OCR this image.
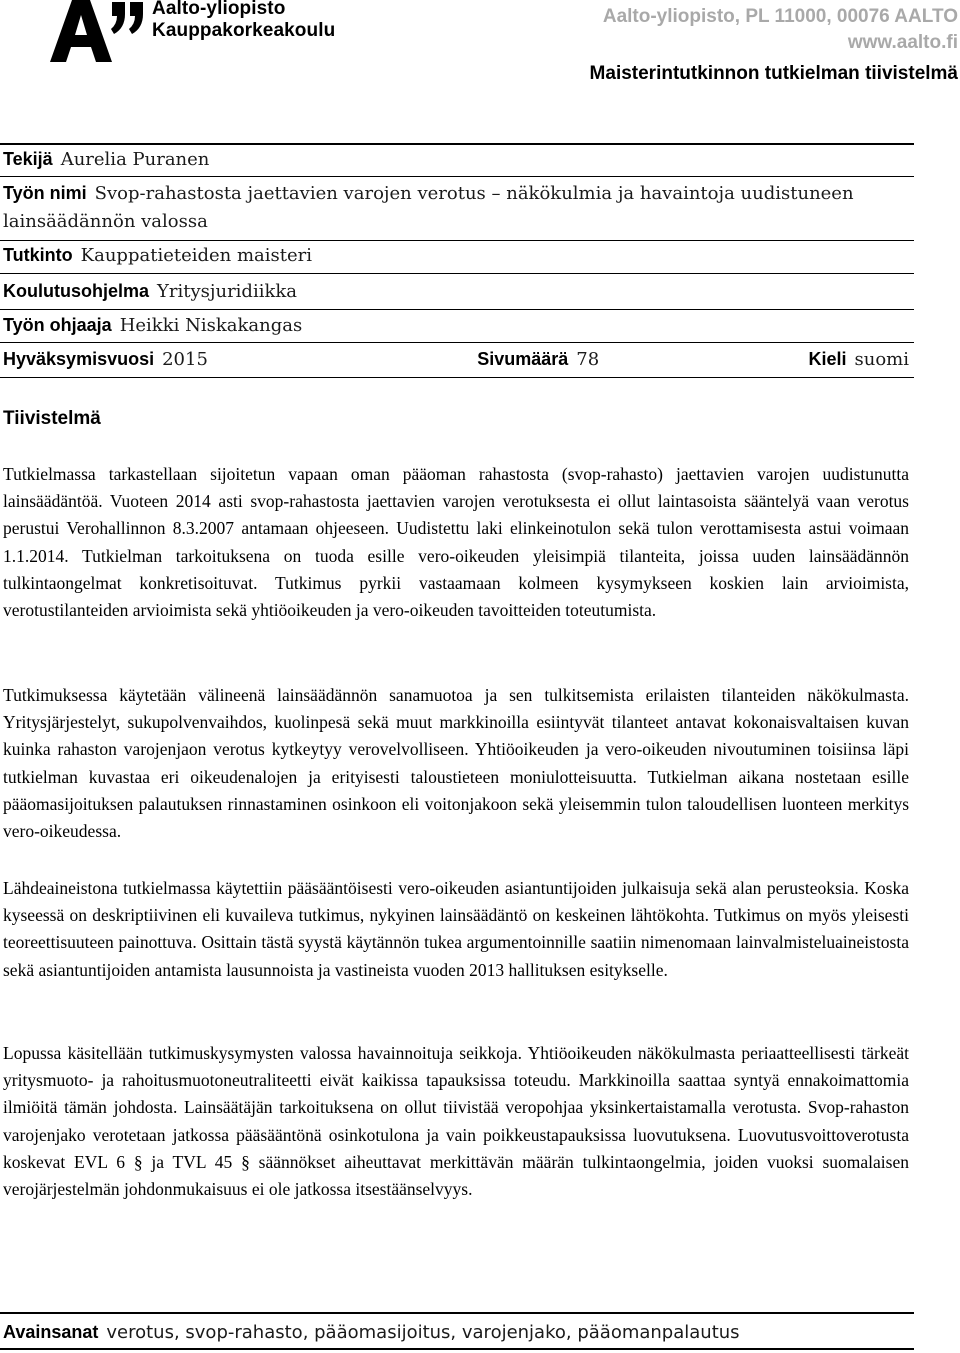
Aalto-yliopisto
Kauppakorkeakoulu
Aalto-yliopisto, PL 11000, 00076 AALTO
www.aalto.fi
Maisterintutkinnon tutkielman tiivistelmä
Tekijä Aurelia Puranen
Työn nimi Svop-rahastosta jaettavien varojen verotus – näkökulmia ja havaintoja uudistuneen lainsäädännön valossa
Tutkinto Kauppatieteiden maisteri
Koulutusohjelma Yritysjuridiikka
Työn ohjaaja Heikki Niskakangas
Hyväksymisvuosi 2015	Sivumäärä 78	Kieli suomi
Tiivistelmä

Tutkielmassa tarkastellaan sijoitetun vapaan oman pääoman rahastosta (svop-rahasto) jaettavien varojen uudistunutta lainsäädäntöä. Vuoteen 2014 asti svop-rahastosta jaettavien varojen verotuksesta ei ollut laintasoista sääntelyä vaan verotus perustui Verohallinnon 8.3.2007 antamaan ohjeeseen. Uudistettu laki elinkeinotulon sekä tulon verottamisesta astui voimaan 1.1.2014. Tutkielman tarkoituksena on tuoda esille vero-oikeuden yleisimpiä tilanteita, joissa uuden lainsäädännön tulkintaongelmat konkretisoituvat. Tutkimus pyrkii vastaamaan kolmeen kysymykseen koskien lain arvioimista, verotustilanteiden arvioimista sekä yhtiöoikeuden ja vero-oikeuden tavoitteiden toteutumista.

Tutkimuksessa käytetään välineenä lainsäädännön sanamuotoa ja sen tulkitsemista erilaisten tilanteiden näkökulmasta. Yritysjärjestelyt, sukupolvenvaihdos, kuolinpesä sekä muut markkinoilla esiintyvät tilanteet antavat kokonaisvaltaisen kuvan kuinka rahaston varojenjaon verotus kytkeytyy verovelvolliseen. Yhtiöoikeuden ja vero-oikeuden nivoutuminen toisiinsa läpi tutkielman kuvastaa eri oikeudenalojen ja erityisesti taloustieteen moniulotteisuutta. Tutkielman aikana nostetaan esille pääomasijoituksen palautuksen rinnastaminen osinkoon eli voitonjakoon sekä yleisemmin tulon taloudellisen luonteen merkitys vero-oikeudessa.

Lähdeaineistona tutkielmassa käytettiin pääsääntöisesti vero-oikeuden asiantuntijoiden julkaisuja sekä alan perusteoksia. Koska kyseessä on deskriptiivinen eli kuvaileva tutkimus, nykyinen lainsäädäntö on keskeinen lähtökohta. Tutkimus on myös yleisesti teoreettisuuteen painottuva. Osittain tästä syystä käytännön tukea argumentoinnille saatiin nimenomaan lainvalmisteluaineistosta sekä asiantuntijoiden antamista lausunnoista ja vastineista vuoden 2013 hallituksen esitykselle.

Lopussa käsitellään tutkimuskysymysten valossa havainnoituja seikkoja. Yhtiöoikeuden näkökulmasta periaatteellisesti tärkeät yritysmuoto- ja rahoitusmuotoneutraliteetti eivät kaikissa tapauksissa toteudu. Markkinoilla saattaa syntyä ennakoimattomia ilmiöitä tämän johdosta. Lainsäätäjän tarkoituksena on ollut tiivistää veropohjaa yksinkertaistamalla verotusta. Svop-rahaston varojenjako verotetaan jatkossa pääsääntönä osinkotulona ja vain poikkeustapauksissa luovutuksena. Luovutusvoittoverotusta koskevat EVL 6 § ja TVL 45 § säännökset aiheuttavat merkittävän määrän tulkintaongelmia, joiden vuoksi suomalaisen verojärjestelmän johdonmukaisuus ei ole jatkossa itsestäänselvyys.

Avainsanat verotus, svop-rahasto, pääomasijoitus, varojenjako, pääomanpalautus
